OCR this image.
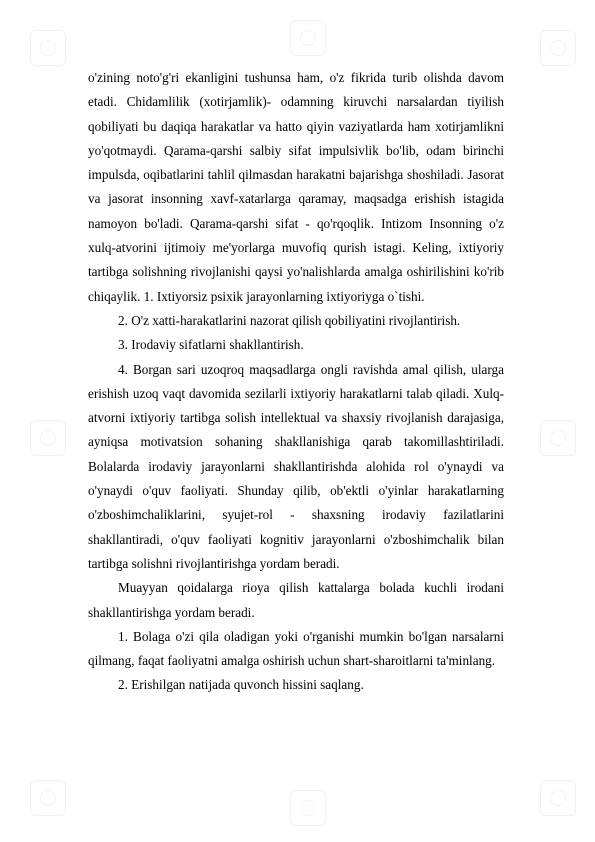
o'zining noto'g'ri ekanligini tushunsa ham, o'z fikrida turib olishda davom etadi. Chidamlilik (xotirjamlik)- odamning kiruvchi narsalardan tiyilish qobiliyati bu daqiqa harakatlar va hatto qiyin vaziyatlarda ham xotirjamlikni yo'qotmaydi. Qarama-qarshi salbiy sifat impulsivlik bo'lib, odam birinchi impulsda, oqibatlarini tahlil qilmasdan harakatni bajarishga shoshiladi. Jasorat va jasorat insonning xavf-xatarlarga qaramay, maqsadga erishish istagida namoyon bo'ladi. Qarama-qarshi sifat - qo'rqoqlik. Intizom Insonning o'z xulq-atvorini ijtimoiy me'yorlarga muvofiq qurish istagi. Keling, ixtiyoriy tartibga solishning rivojlanishi qaysi yo'nalishlarda amalga oshirilishini ko'rib chiqaylik. 1. Ixtiyorsiz psixik jarayonlarning ixtiyoriyga o`tishi.

2. O'z xatti-harakatlarini nazorat qilish qobiliyatini rivojlantirish.

3. Irodaviy sifatlarni shakllantirish.

4. Borgan sari uzoqroq maqsadlarga ongli ravishda amal qilish, ularga erishish uzoq vaqt davomida sezilarli ixtiyoriy harakatlarni talab qiladi. Xulq-atvorni ixtiyoriy tartibga solish intellektual va shaxsiy rivojlanish darajasiga, ayniqsa motivatsion sohaning shakllanishiga qarab takomillashtiriladi. Bolalarda irodaviy jarayonlarni shakllantirishda alohida rol o'ynaydi va o'ynaydi o'quv faoliyati. Shunday qilib, ob'ektli o'yinlar harakatlarning o'zboshimchaliklarini, syujet-rol - shaxsning irodaviy fazilatlarini shakllantiradi, o'quv faoliyati kognitiv jarayonlarni o'zboshimchalik bilan tartibga solishni rivojlantirishga yordam beradi.

Muayyan qoidalarga rioya qilish kattalarga bolada kuchli irodani shakllantirishga yordam beradi.

1. Bolaga o'zi qila oladigan yoki o'rganishi mumkin bo'lgan narsalarni qilmang, faqat faoliyatni amalga oshirish uchun shart-sharoitlarni ta'minlang.

2. Erishilgan natijada quvonch hissini saqlang.
